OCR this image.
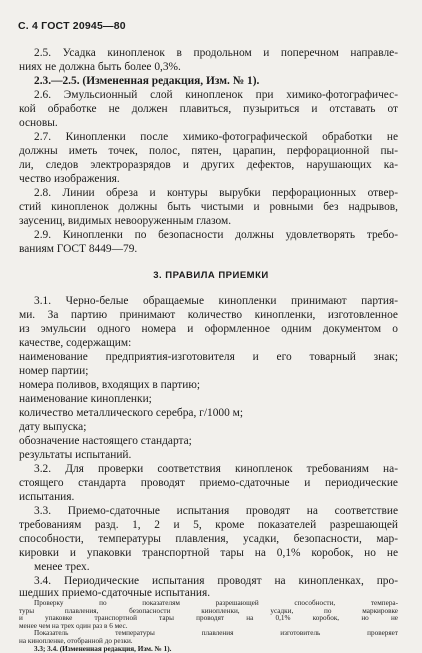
С. 4 ГОСТ 20945—80
2.5. Усадка кинопленок в продольном и поперечном направле-
ниях не должна быть более 0,3%.
2.3.—2.5. (Измененная редакция, Изм. № 1).
2.6. Эмульсионный слой кинопленок при химико-фотографичес-
кой обработке не должен плавиться, пузыриться и отставать от
основы.
2.7. Кинопленки после химико-фотографической обработки не
должны иметь точек, полос, пятен, царапин, перфорационной пы-
ли, следов электроразрядов и других дефектов, нарушающих ка-
чество изображения.
2.8. Линии обреза и контуры вырубки перфорационных отвер-
стий кинопленок должны быть чистыми и ровными без надрывов,
заусениц, видимых невооруженным глазом.
2.9. Кинопленки по безопасности должны удовлетворять требо-
ваниям ГОСТ 8449—79.
3. ПРАВИЛА ПРИЕМКИ
3.1. Черно-белые обращаемые кинопленки принимают партия-
ми. За партию принимают количество кинопленки, изготовленное
из эмульсии одного номера и оформленное одним документом о
качестве, содержащим:
наименование предприятия-изготовителя и его товарный знак;
номер партии;
номера поливов, входящих в партию;
наименование кинопленки;
количество металлического серебра, г/1000 м;
дату выпуска;
обозначение настоящего стандарта;
результаты испытаний.
3.2. Для проверки соответствия кинопленок требованиям на-
стоящего стандарта проводят приемо-сдаточные и периодические
испытания.
3.3. Приемо-сдаточные испытания проводят на соответствие
требованиям разд. 1, 2 и 5, кроме показателей разрешающей
способности, температуры плавления, усадки, безопасности, мар-
кировки и упаковки транспортной тары на 0,1% коробок, но не
менее трех.
3.4. Периодические испытания проводят на кинопленках, про-
шедших приемо-сдаточные испытания.
Проверку по показателям разрешающей способности, темпера-
туры плавления, безопасности кинопленки, усадки, по маркировке
и упаковке транспортной тары проводят на 0,1% коробок, но не
менее чем на трех один раз в 6 мес.
Показатель температуры плавления изготовитель проверяет
на кинопленке, отобранной до резки.
3.3; 3.4. (Измененная редакция, Изм. № 1).
